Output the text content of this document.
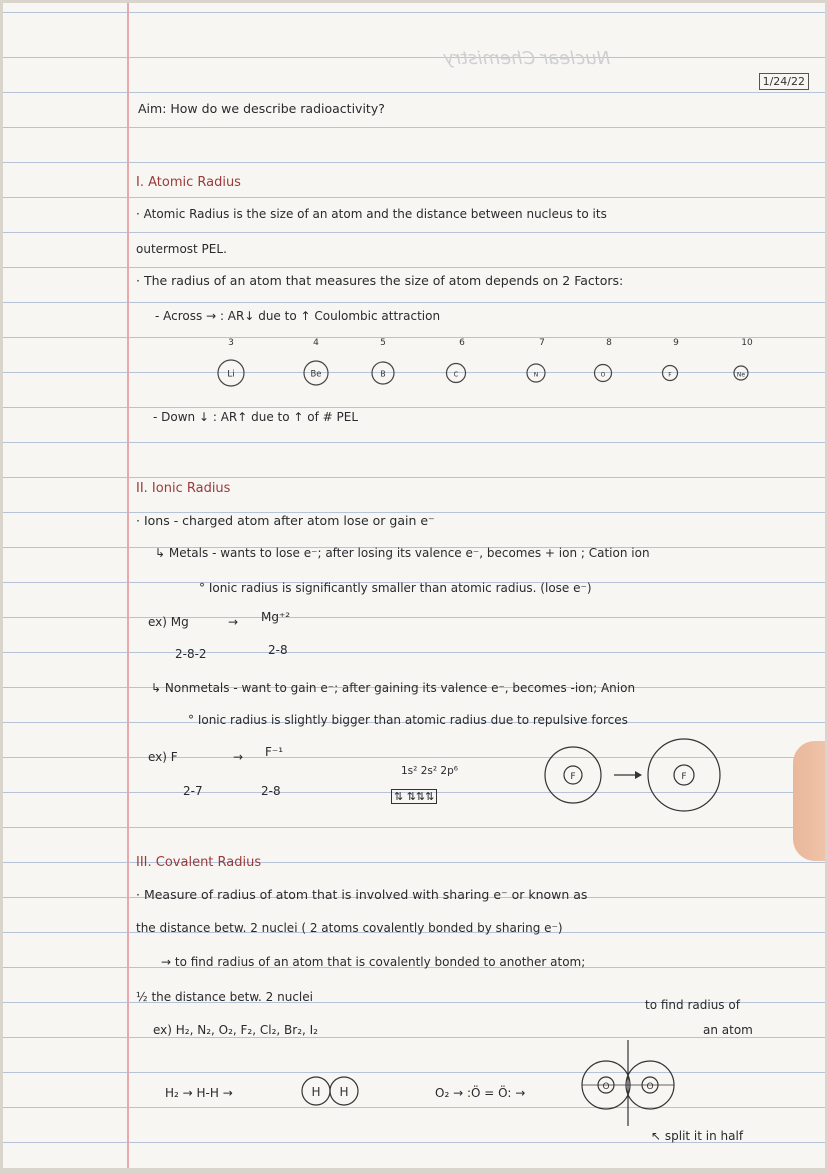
Nuclear Chemistry
1/24/22
Aim: How do we describe radioactivity?
I. Atomic Radius
· Atomic Radius is the size of an atom and the distance between nucleus to its
outermost PEL.
· The radius of an atom that measures the size of atom depends on 2 Factors:
- Across → : AR↓ due to ↑ Coulombic attraction
3
Li
4
Be
5
B
6
C
7
N
8
O
9
F
10
Ne
- Down ↓ : AR↑ due to ↑ of # PEL
II. Ionic Radius
· Ions - charged atom after atom lose or gain e⁻
↳ Metals - wants to lose e⁻; after losing its valence e⁻, becomes + ion ; Cation ion
° Ionic radius is significantly smaller than atomic radius. (lose e⁻)
ex) Mg	→ Mg⁺²
2-8-2	2-8
↳ Nonmetals - want to gain e⁻; after gaining its valence e⁻, becomes -ion; Anion
° Ionic radius is slightly bigger than atomic radius due to repulsive forces
ex) F	→ F⁻¹
2-7	2-8
1s² 2s² 2p⁶
⇅ ⇅⇅⇅
F	F
III. Covalent Radius
· Measure of radius of atom that is involved with sharing e⁻ or known as
the distance betw. 2 nuclei ( 2 atoms covalently bonded by sharing e⁻)
→ to find radius of an atom that is covalently bonded to another atom;
½ the distance betw. 2 nuclei
ex) H₂, N₂, O₂, F₂, Cl₂, Br₂, I₂
to find radius of
an atom
H₂ → H-H →	O₂ → :Ö = Ö: →
↖ split it in half
H H	O	O
